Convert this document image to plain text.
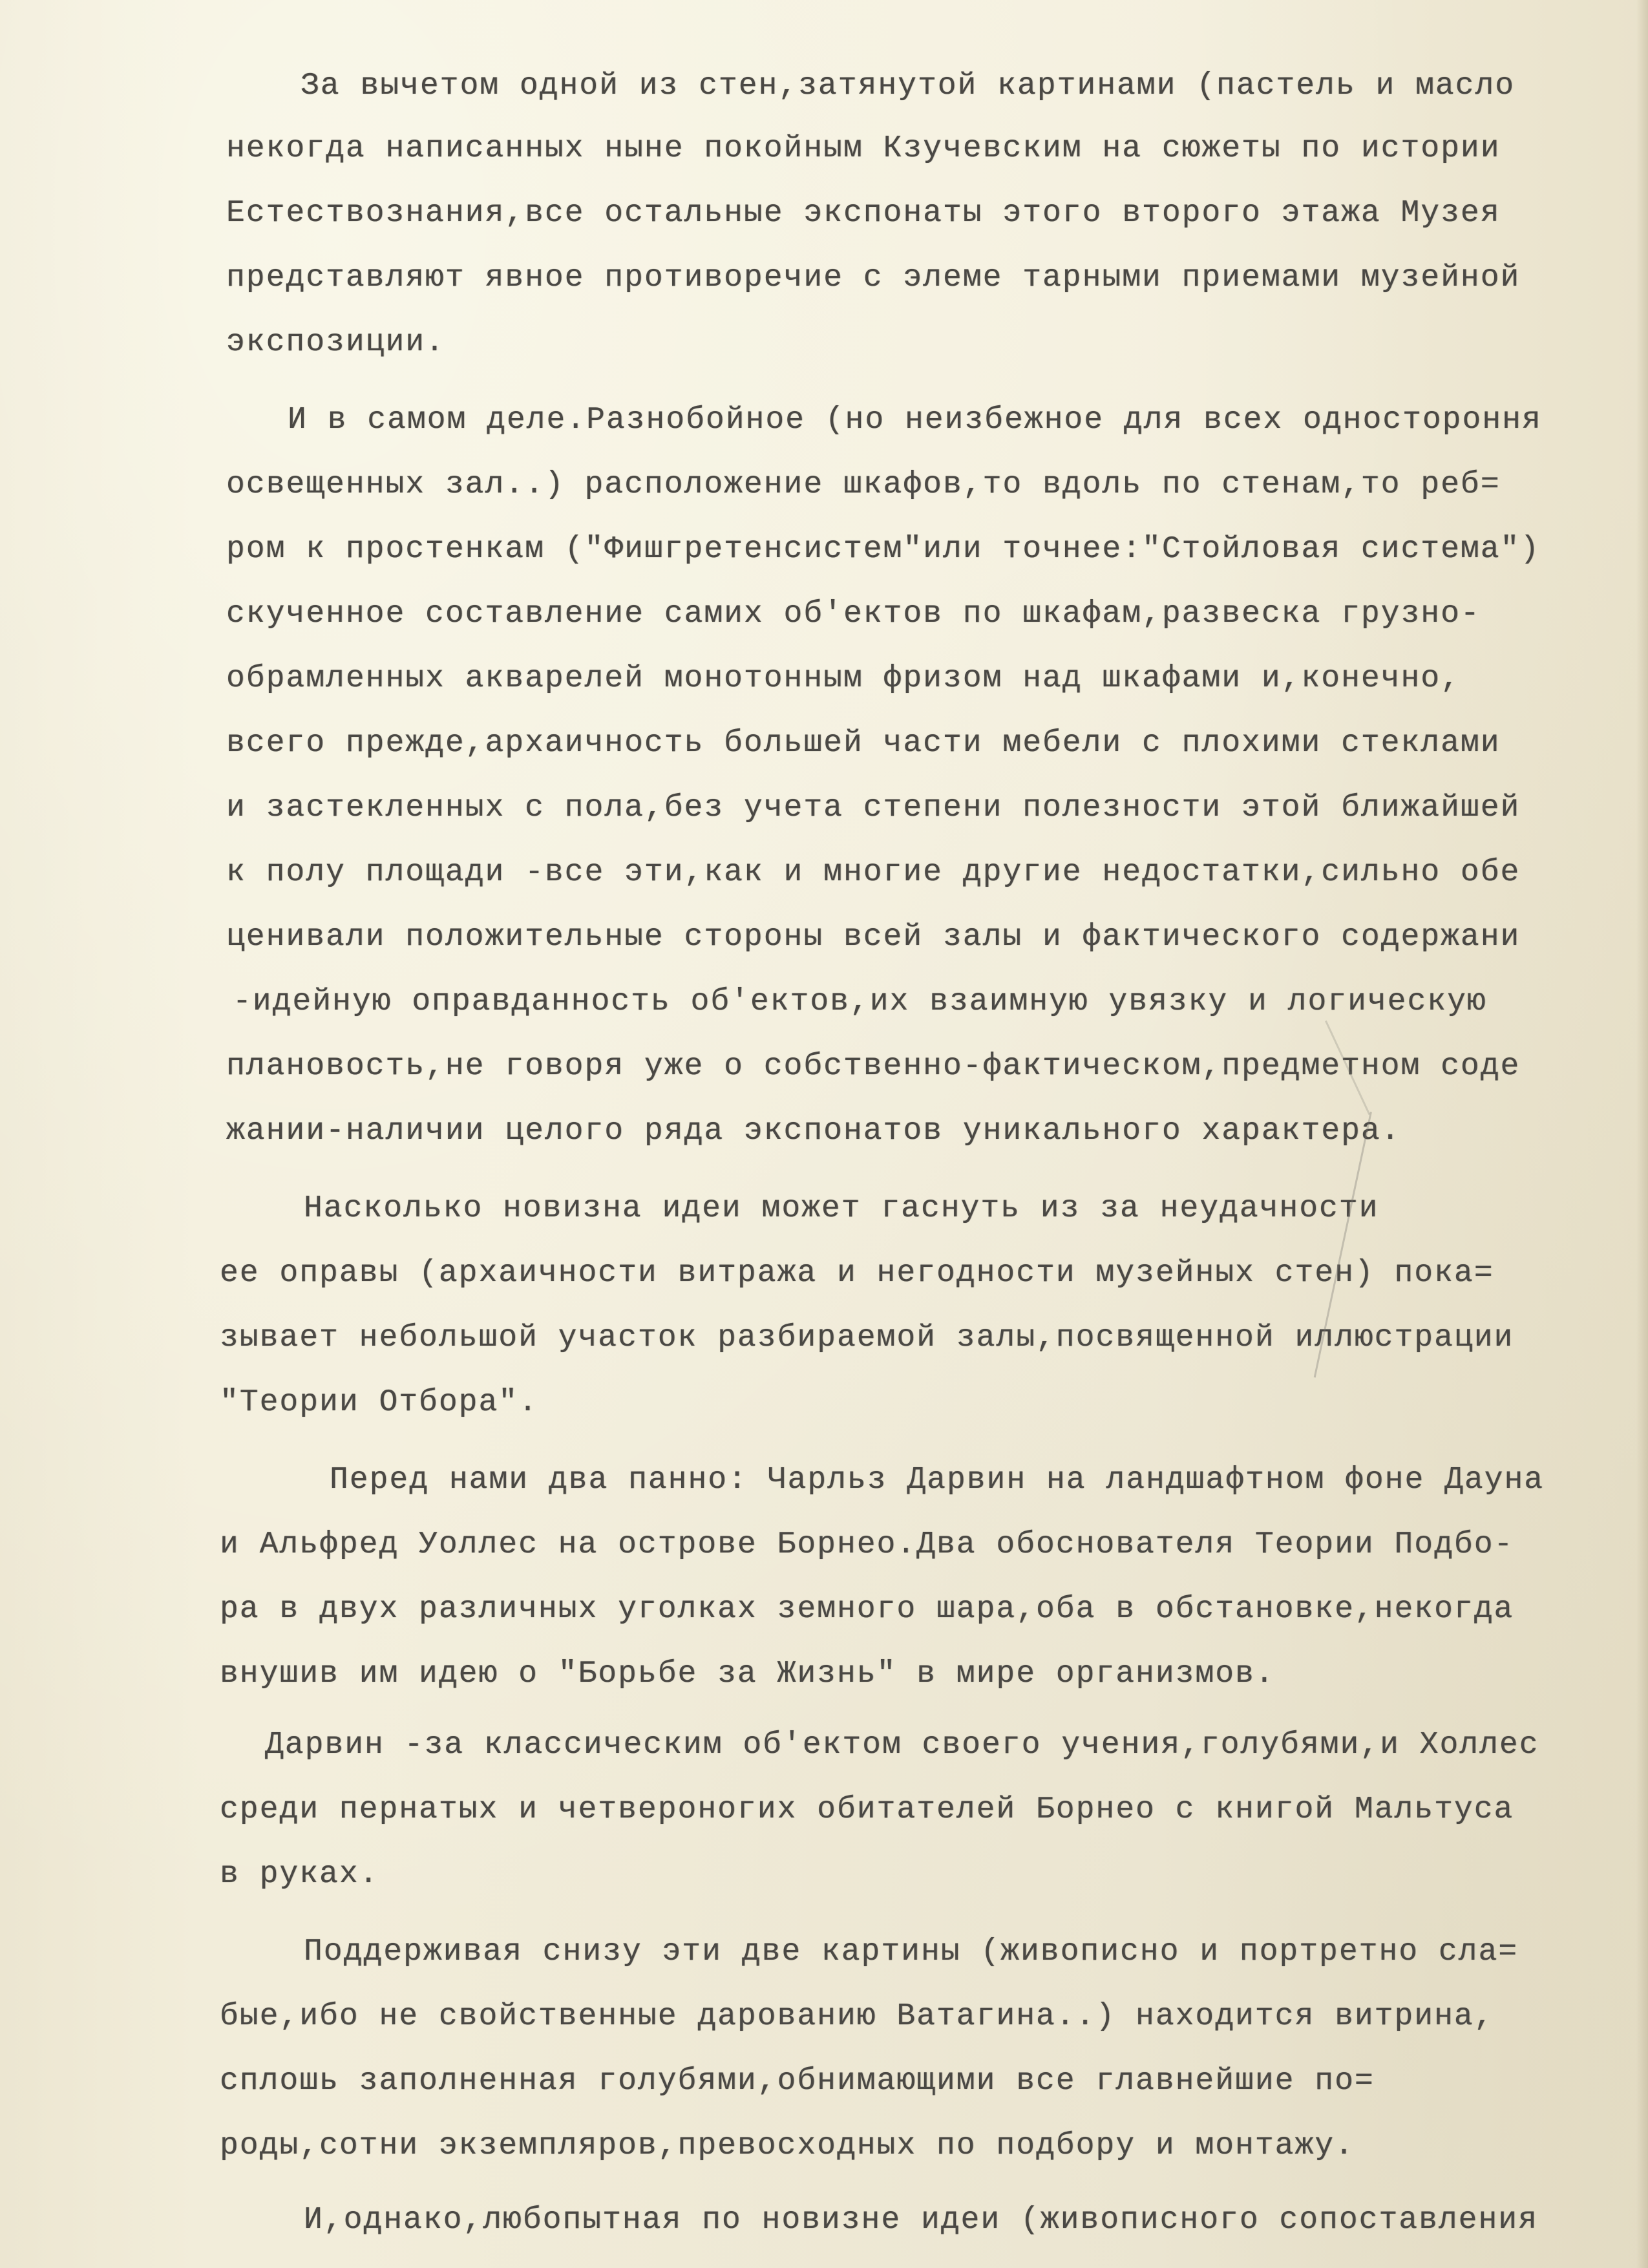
За вычетом одной из стен,затянутой картинами (пастель и масло
некогда написанных ныне покойным Кзучевским на сюжеты по истории
Естествознания,все остальные экспонаты этого второго этажа Музея
представляют явное противоречие с элеме тарными приемами музейной
экспозиции.
И в самом деле.Разнобойное (но неизбежное для всех одностороння
освещенных зал..) расположение шкафов,то вдоль по стенам,то реб=
ром к простенкам ("Фишгретенсистем"или точнее:"Стойловая система")
скученное составление самих об'ектов по шкафам,развеска грузно-
обрамленных акварелей монотонным фризом над шкафами и,конечно,
всего прежде,архаичность большей части мебели с плохими стеклами
и застекленных с пола,без учета степени полезности этой ближайшей
к полу площади -все эти,как и многие другие недостатки,сильно обе
ценивали положительные стороны всей залы и фактического содержани
-идейную оправданность об'ектов,их взаимную увязку и логическую
плановость,не говоря уже о собственно-фактическом,предметном соде
жании-наличии целого ряда экспонатов уникального характера.
Насколько новизна идеи может гаснуть из за неудачности
ее оправы (архаичности витража и негодности музейных стен) пока=
зывает небольшой участок разбираемой залы,посвященной иллюстрации
"Теории Отбора".
Перед нами два панно: Чарльз Дарвин на ландшафтном фоне Дауна
и Альфред Уоллес на острове Борнео.Два обоснователя Теории Подбо-
ра в двух различных уголках земного шара,оба в обстановке,некогда
внушив им идею о "Борьбе за Жизнь" в мире организмов.
Дарвин -за классическим об'ектом своего учения,голубями,и Холлес
среди пернатых и четвероногих обитателей Борнео с книгой Мальтуса
в руках.
Поддерживая снизу эти две картины (живописно и портретно сла=
бые,ибо не свойственные дарованию Ватагина..) находится витрина,
сплошь заполненная голубями,обнимающими все главнейшие по=
роды,сотни экземпляров,превосходных по подбору и монтажу.
И,однако,любопытная по новизне идеи (живописного сопоставления
